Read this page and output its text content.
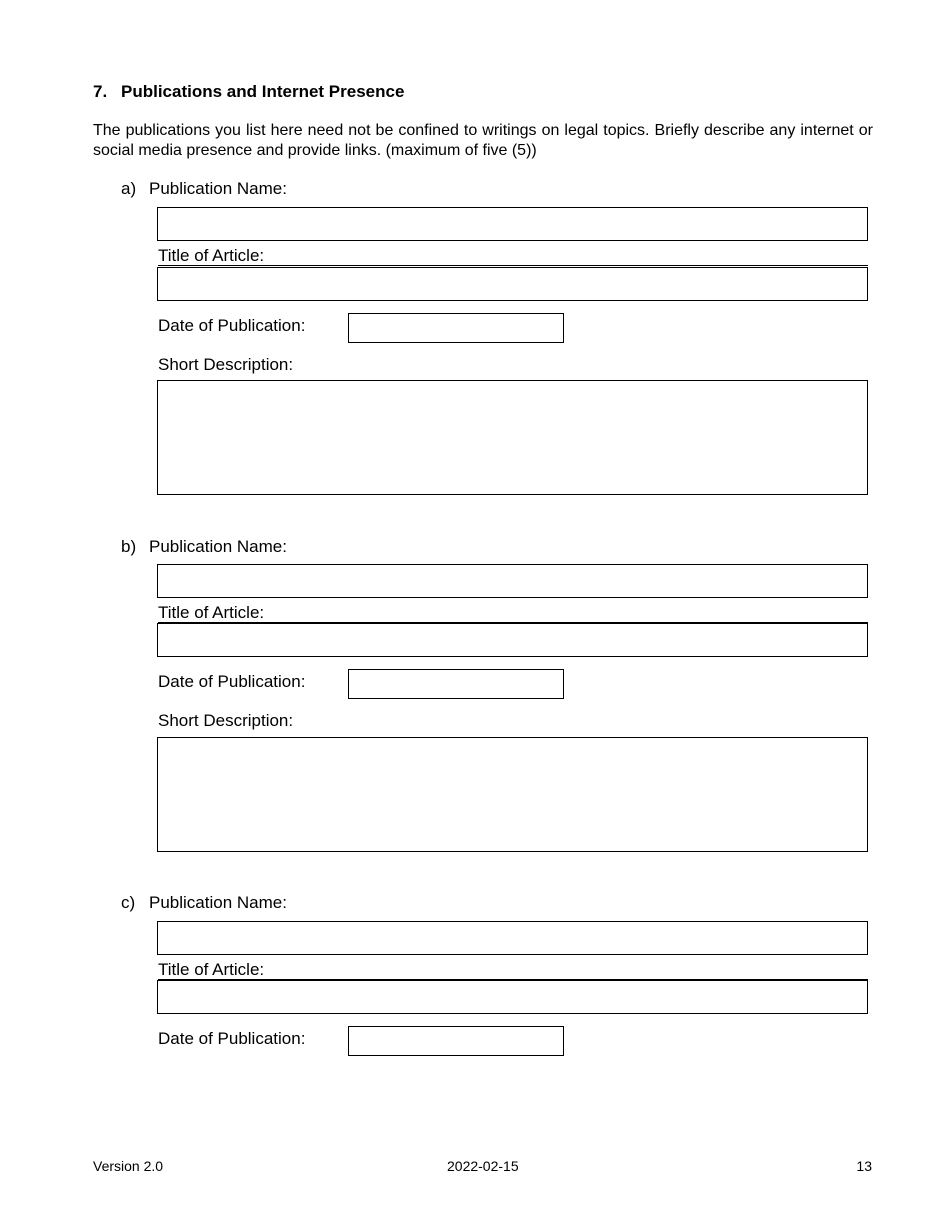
7. Publications and Internet Presence
The publications you list here need not be confined to writings on legal topics. Briefly describe any internet or social media presence and provide links. (maximum of five (5))
a) Publication Name:
Title of Article:
Date of Publication:
Short Description:
b) Publication Name:
Title of Article:
Date of Publication:
Short Description:
c) Publication Name:
Title of Article:
Date of Publication:
Version 2.0	2022-02-15	13
